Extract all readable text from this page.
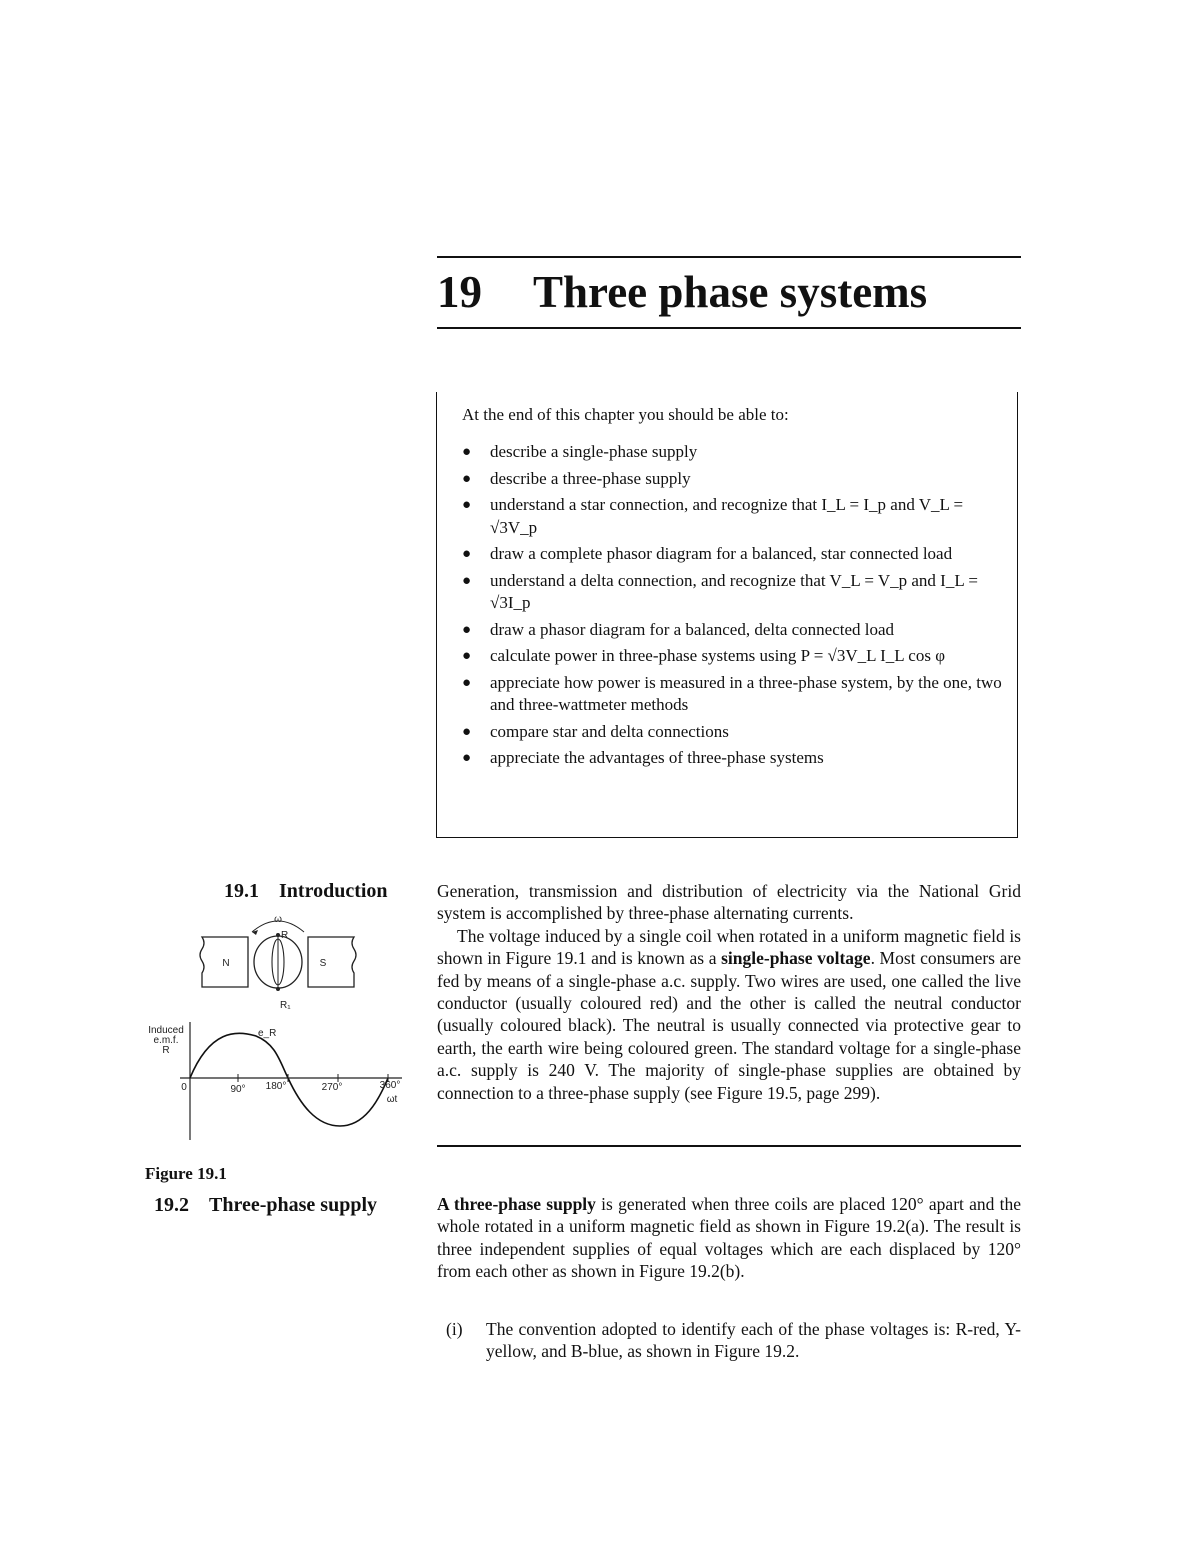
19 Three phase systems
At the end of this chapter you should be able to:
● describe a single-phase supply
● describe a three-phase supply
● understand a star connection, and recognize that I_L = I_p and V_L = √3V_p
● draw a complete phasor diagram for a balanced, star connected load
● understand a delta connection, and recognize that V_L = V_p and I_L = √3I_p
● draw a phasor diagram for a balanced, delta connected load
● calculate power in three-phase systems using P = √3V_L I_L cos φ
● appreciate how power is measured in a three-phase system, by the one, two and three-wattmeter methods
● compare star and delta connections
● appreciate the advantages of three-phase systems
19.1 Introduction	Generation, transmission and distribution of electricity via the National Grid system is accomplished by three-phase alternating currents.

The voltage induced by a single coil when rotated in a uniform magnetic field is shown in Figure 19.1 and is known as a single-phase voltage. Most consumers are fed by means of a single-phase a.c. supply. Two wires are used, one called the live conductor (usually coloured red) and the other is called the neutral conductor (usually coloured black). The neutral is usually connected via protective gear to earth, the earth wire being coloured green. The standard voltage for a single-phase a.c. supply is 240 V. The majority of single-phase supplies are obtained by connection to a three-phase supply (see Figure 19.5, page 299).

N	S
ω
R
R₁
Induced
e.m.f.
R
e_R
0	90° 180°	270°	360°
ωt
Figure 19.1
19.2 Three-phase supply	A three-phase supply is generated when three coils are placed 120° apart and the whole rotated in a uniform magnetic field as shown in Figure 19.2(a). The result is three independent supplies of equal voltages which are each displaced by 120° from each other as shown in Figure 19.2(b).

(i) The convention adopted to identify each of the phase voltages is: R-red, Y-yellow, and B-blue, as shown in Figure 19.2.
